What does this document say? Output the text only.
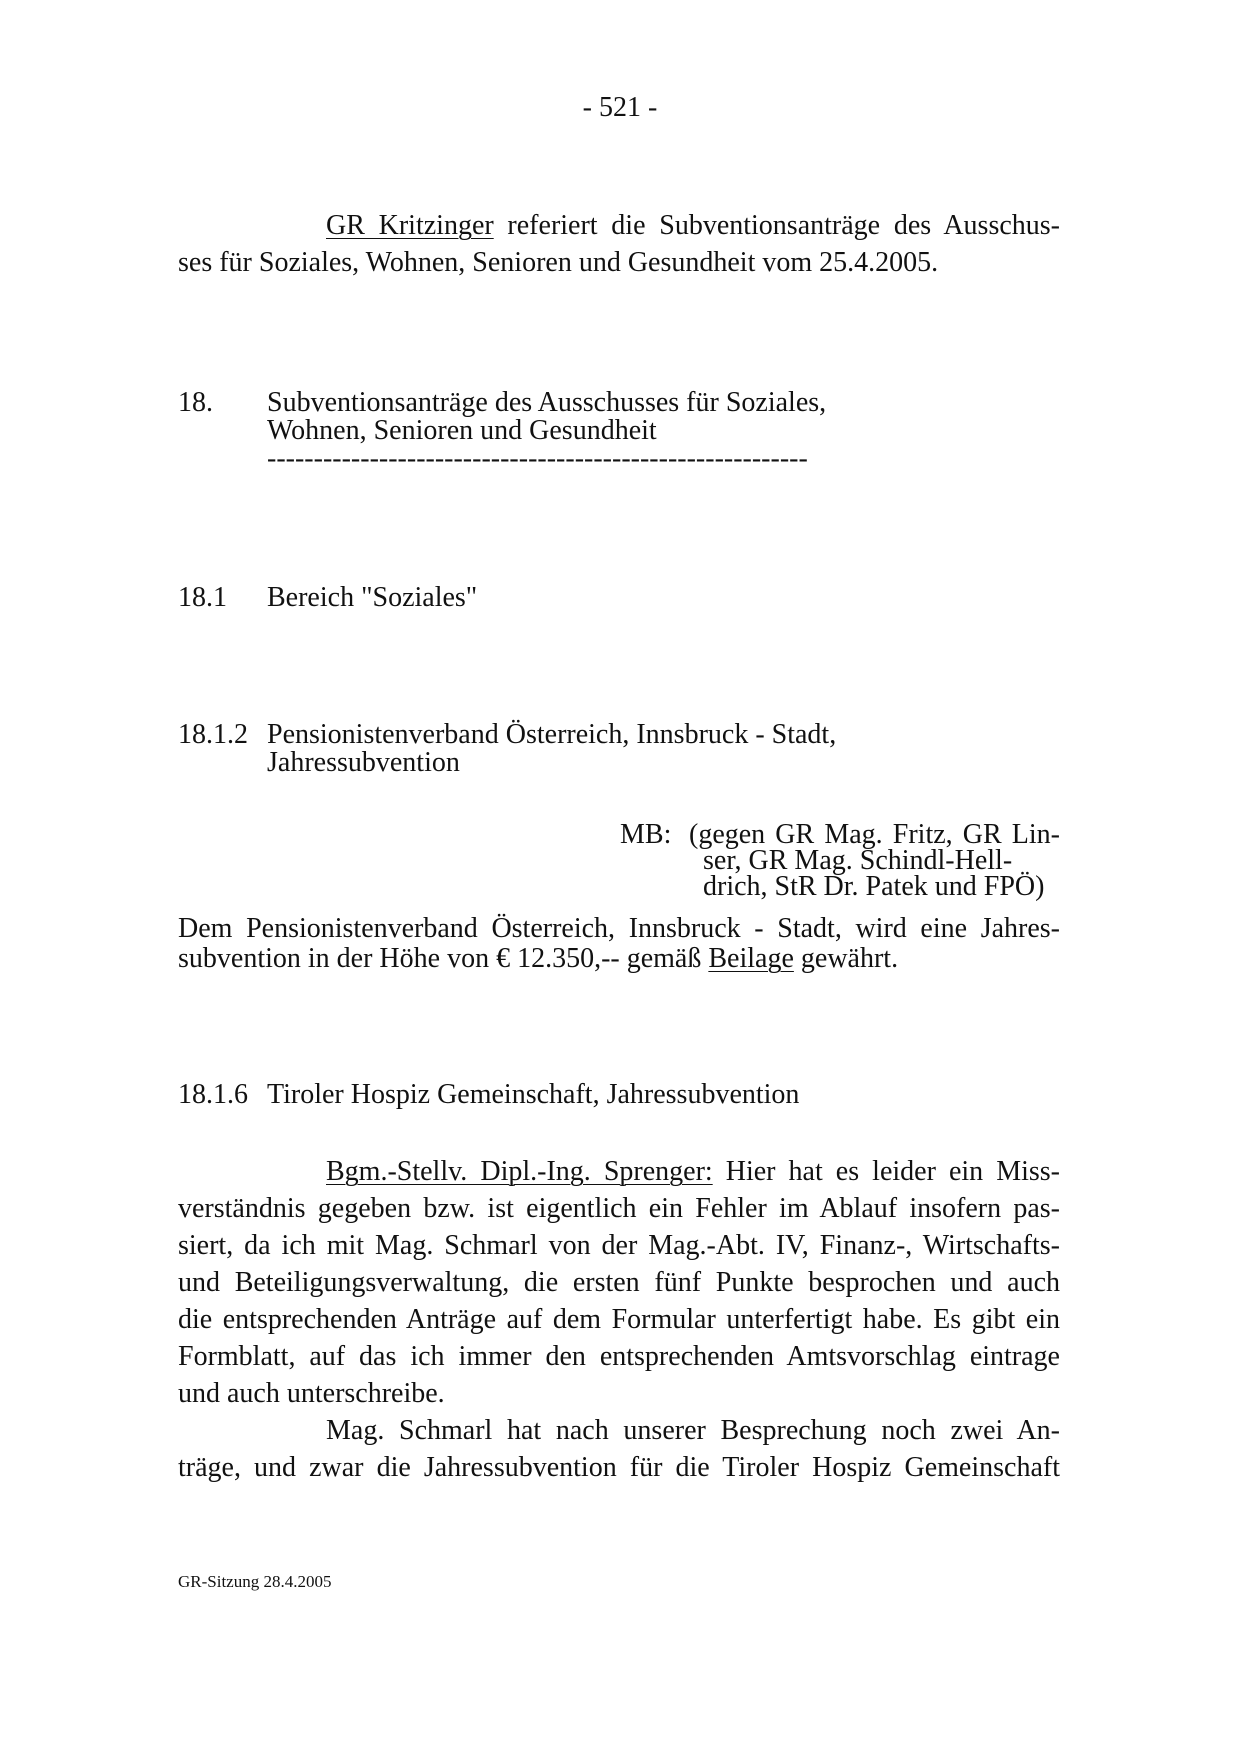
- 521 -
GR Kritzinger referiert die Subventionsanträge des Ausschus-
ses für Soziales, Wohnen, Senioren und Gesundheit vom 25.4.2005.
18. Subventionsanträge des Ausschusses für Soziales,
Wohnen, Senioren und Gesundheit
----------------------------------------------------------
18.1 Bereich "Soziales"
18.1.2 Pensionistenverband Österreich, Innsbruck - Stadt,
Jahressubvention
MB: (gegen GR Mag. Fritz, GR Lin-
ser, GR Mag. Schindl-Hell-
drich, StR Dr. Patek und FPÖ)
Dem Pensionistenverband Österreich, Innsbruck - Stadt, wird eine Jahres-
subvention in der Höhe von € 12.350,-- gemäß Beilage gewährt.
18.1.6 Tiroler Hospiz Gemeinschaft, Jahressubvention
Bgm.-Stellv. Dipl.-Ing. Sprenger: Hier hat es leider ein Miss-
verständnis gegeben bzw. ist eigentlich ein Fehler im Ablauf insofern pas-
siert, da ich mit Mag. Schmarl von der Mag.-Abt. IV, Finanz-, Wirtschafts-
und Beteiligungsverwaltung, die ersten fünf Punkte besprochen und auch
die entsprechenden Anträge auf dem Formular unterfertigt habe. Es gibt ein
Formblatt, auf das ich immer den entsprechenden Amtsvorschlag eintrage
und auch unterschreibe.
Mag. Schmarl hat nach unserer Besprechung noch zwei An-
träge, und zwar die Jahressubvention für die Tiroler Hospiz Gemeinschaft
GR-Sitzung 28.4.2005
